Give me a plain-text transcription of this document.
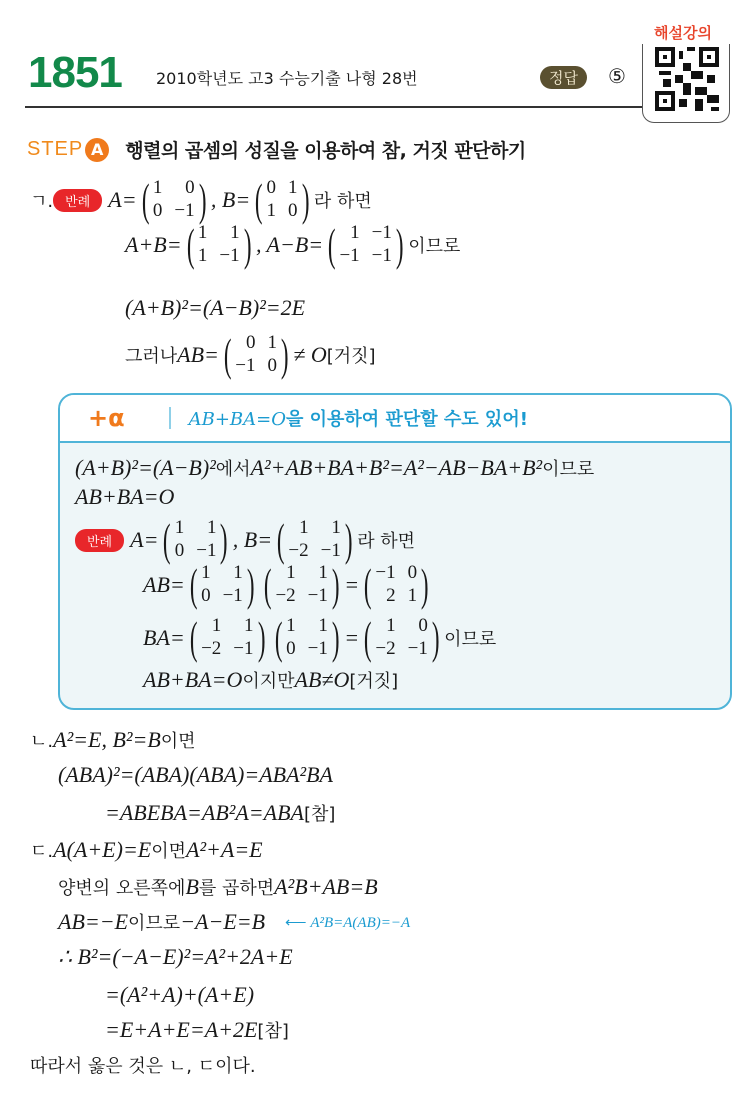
1851 2010학년도 고3 수능기출 나형 28번	정답	⑤
해설강의
STEP A	행렬의 곱셈의 성질을 이용하여 참, 거짓 판단하기
+α	AB+BA=O을 이용하여 판단할 수도 있어!
ㄱ. 반례 A= ( 1	0
0 −1 ) , B= ( 0 1
1 0 ) 라 하면
A+B= ( 1	1
1 −1 ) , A−B= ( 1 −1
−1 −1 ) 이므로
(A+B)²=(A−B)²=2E
그러나 AB= ( 0 1
−1 0 ) ≠ O [거짓]
(A+B)²=(A−B)² 에서 A²+AB+BA+B²=A²−AB−BA+B² 이므로
AB+BA=O
반례 A= ( 1	1
0 −1 ) , B= ( 1	1
−2 −1 ) 라 하면
AB= ( 1	1
0 −1 ) ( 1	1
−2 −1 ) = ( −1 0
2 1 )
BA= ( 1	1
−2 −1 ) ( 1	1
0 −1 ) = ( 1	0
−2 −1 ) 이므로
AB+BA=O 이지만 AB≠O [거짓]
ㄴ. A²=E, B²=B 이면
(ABA)²=(ABA)(ABA)=ABA²BA
=ABEBA=AB²A=ABA [참]
ㄷ. A(A+E)=E 이면 A²+A=E
양변의 오른쪽에 B 를 곱하면 A²B+AB=B
AB=−E 이므로 −A−E=B	⟵ A²B=A(AB)=−A
∴ B²=(−A−E)²=A²+2A+E
=(A²+A)+(A+E)
=E+A+E=A+2E [참]
따라서 옳은 것은 ㄴ, ㄷ이다.
